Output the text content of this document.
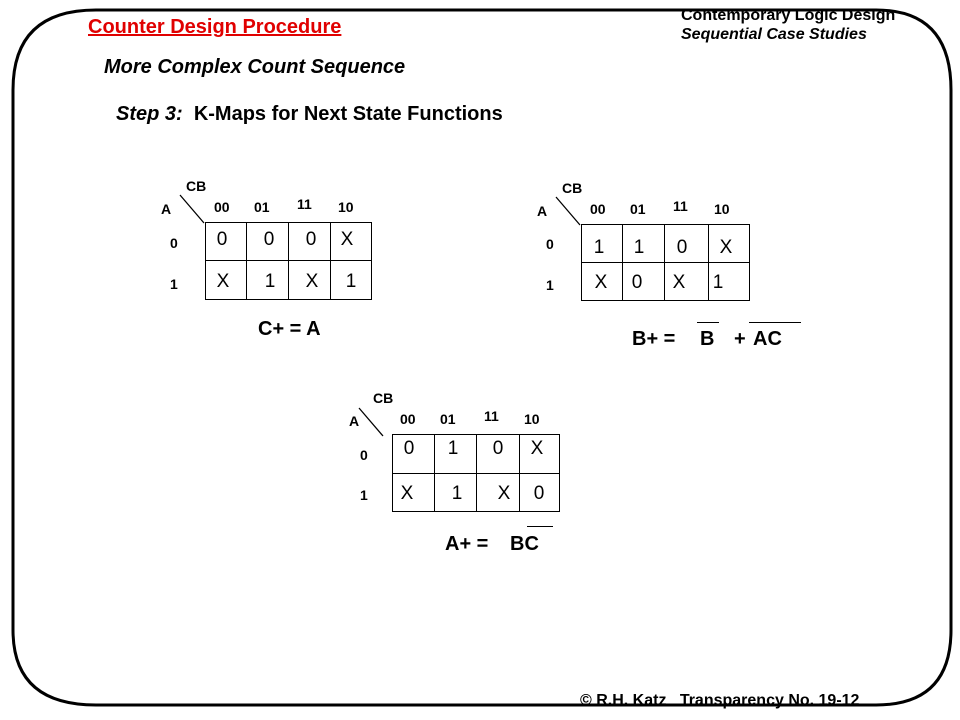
Counter Design Procedure
More Complex Count Sequence
Step 3: K-Maps for Next State Functions
Contemporary Logic Design
Sequential Case Studies
© R.H. Katz Transparency No. 19-12
CB
A	00 01 11 10
0
1
0	0	0	X
X	1	X	1
C+ = A
CB
A	00 01 11 10
0
1
1	1	0	X
X	0	X	1
B+ = B + AC
CB
A	00 01 11 10
0
1
0	1	0	X
X	1	X	0
A+ = BC
